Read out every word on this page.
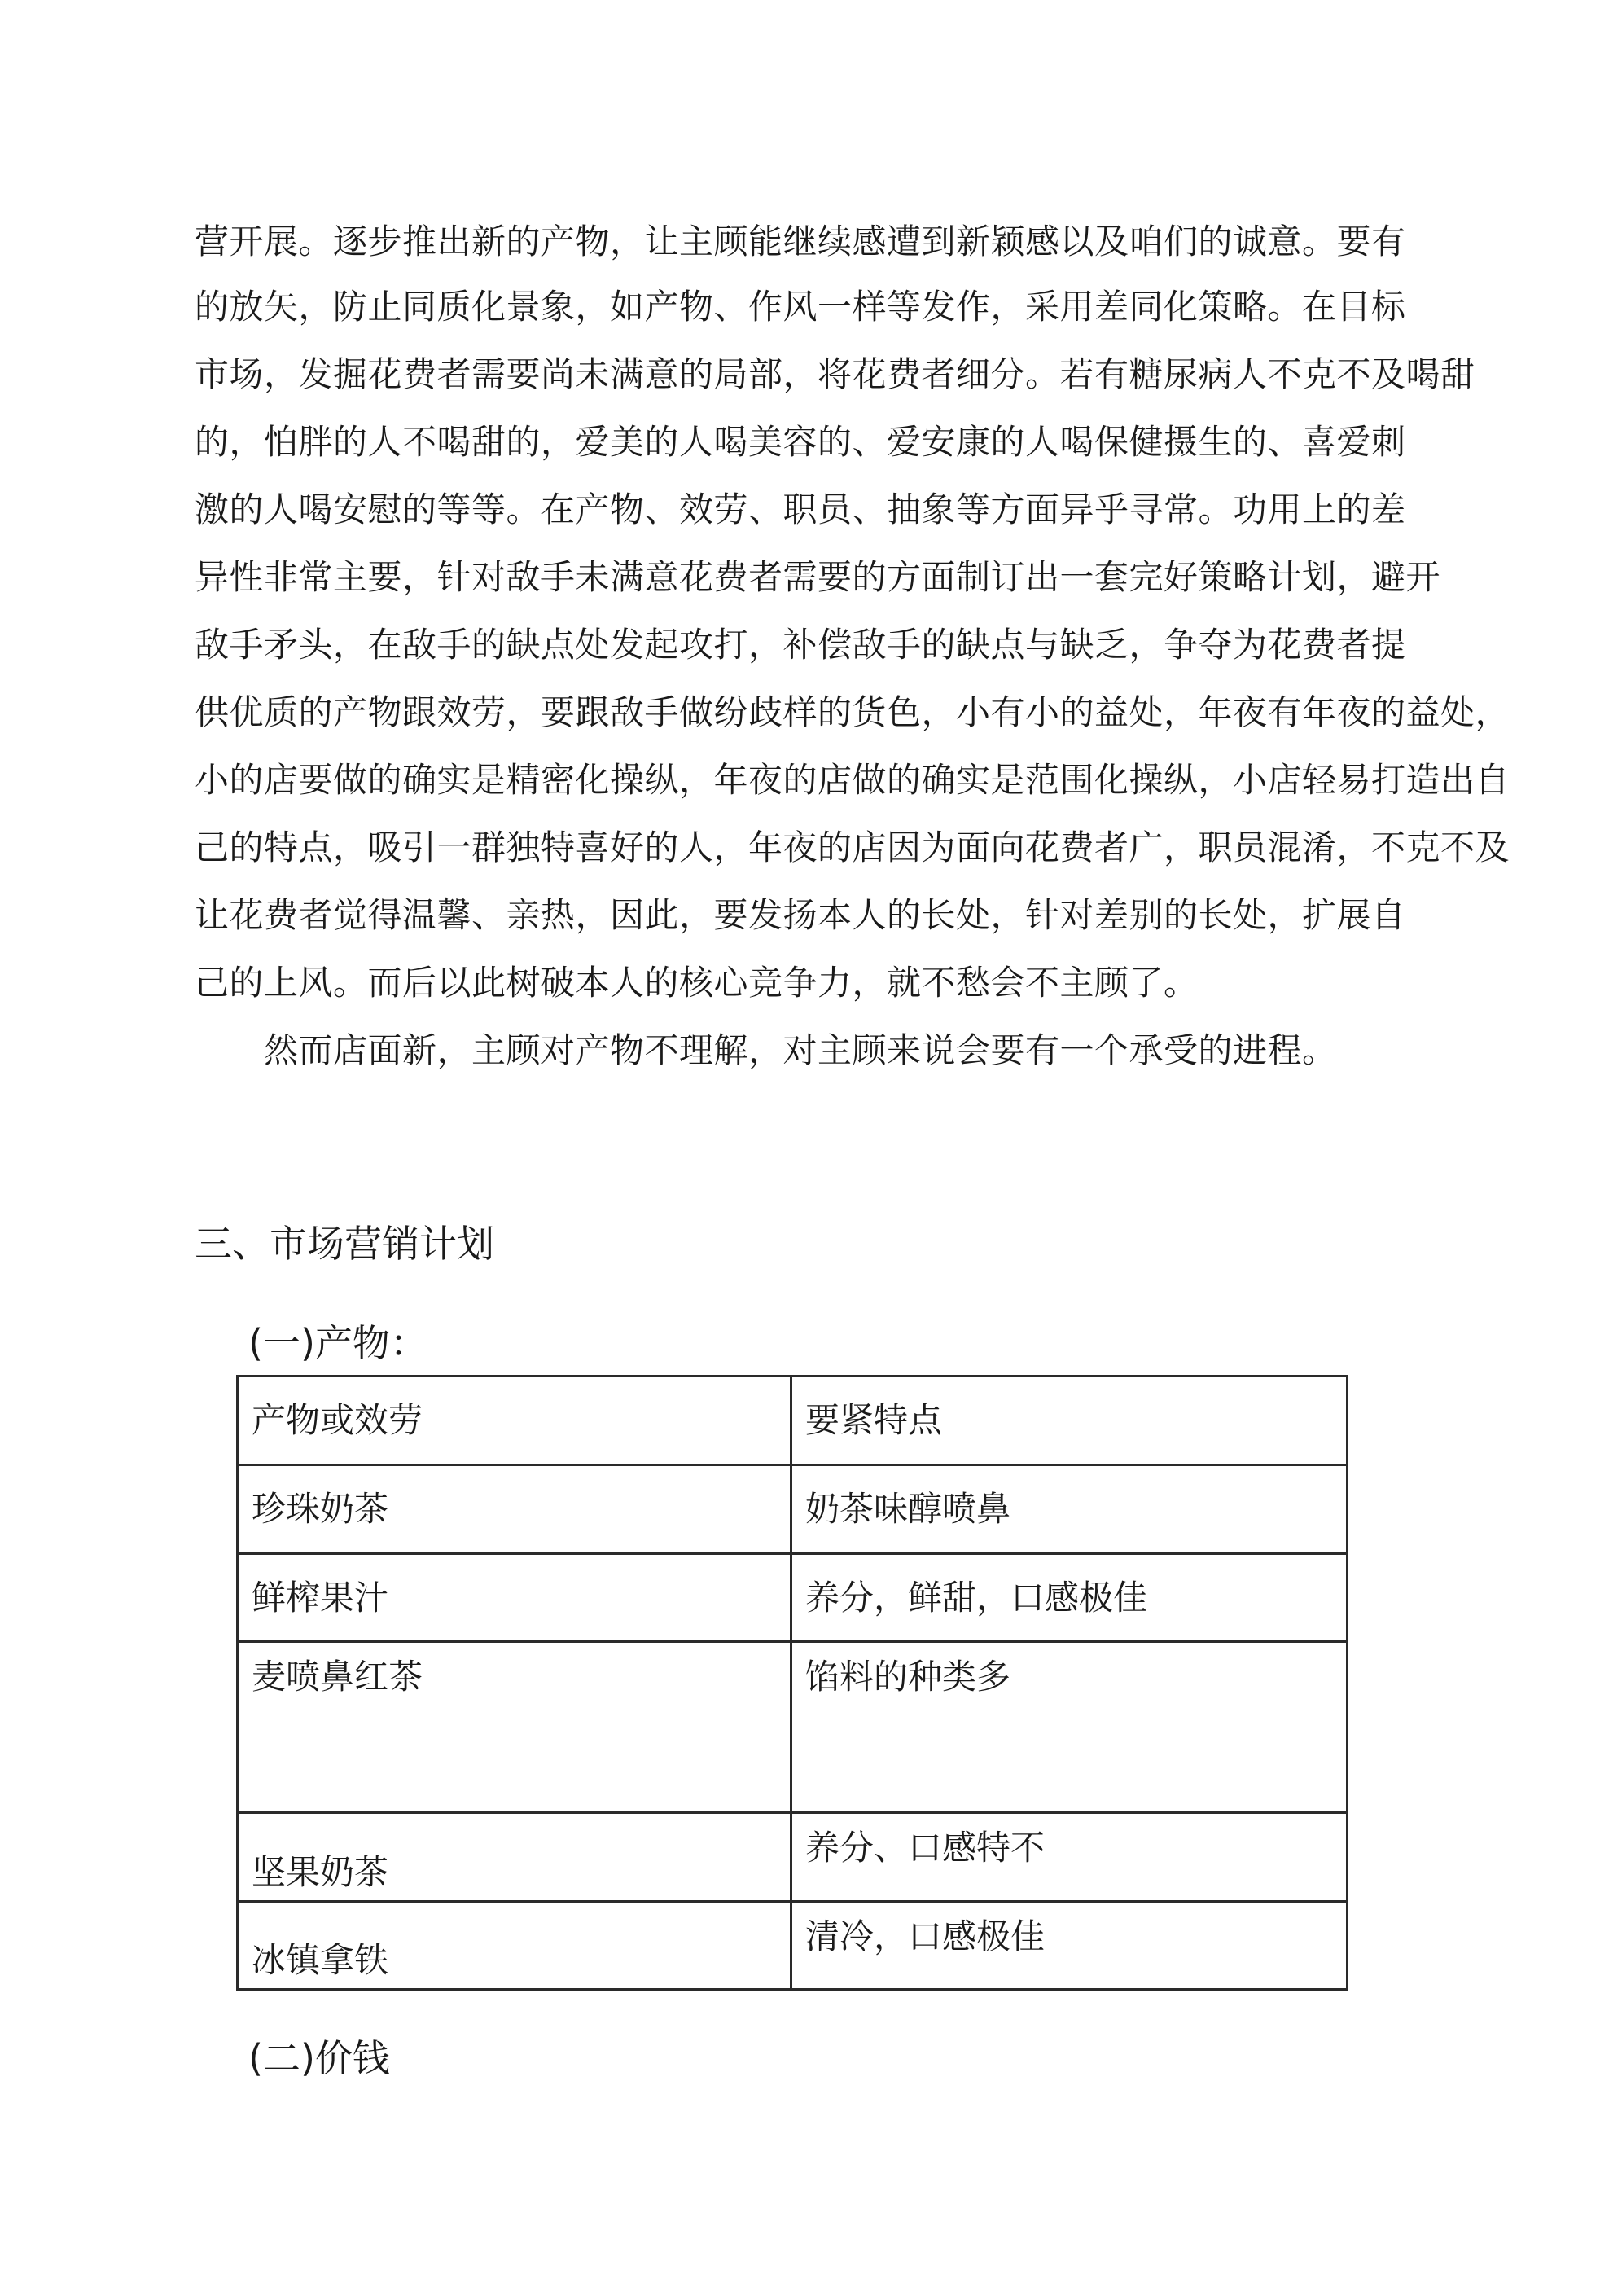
营开展。逐步推出新的产物，让主顾能继续感遭到新颖感以及咱们的诚意。要有
的放矢，防止同质化景象，如产物、作风一样等发作，采用差同化策略。在目标
市场，发掘花费者需要尚未满意的局部，将花费者细分。若有糖尿病人不克不及喝甜
的，怕胖的人不喝甜的，爱美的人喝美容的、爱安康的人喝保健摄生的、喜爱刺
激的人喝安慰的等等。在产物、效劳、职员、抽象等方面异乎寻常。功用上的差
异性非常主要，针对敌手未满意花费者需要的方面制订出一套完好策略计划，避开
敌手矛头，在敌手的缺点处发起攻打，补偿敌手的缺点与缺乏，争夺为花费者提
供优质的产物跟效劳，要跟敌手做纷歧样的货色，小有小的益处，年夜有年夜的益处，
小的店要做的确实是精密化操纵，年夜的店做的确实是范围化操纵，小店轻易打造出自
己的特点，吸引一群独特喜好的人，年夜的店因为面向花费者广，职员混淆，不克不及
让花费者觉得温馨、亲热，因此，要发扬本人的长处，针对差别的长处，扩展自
己的上风。而后以此树破本人的核心竞争力，就不愁会不主顾了。
　　然而店面新，主顾对产物不理解，对主顾来说会要有一个承受的进程。
三、市场营销计划
(一)产物：
产物或效劳	要紧特点
珍珠奶茶	奶茶味醇喷鼻
鲜榨果汁	养分，鲜甜，口感极佳
麦喷鼻红茶	馅料的种类多
坚果奶茶	养分、口感特不
冰镇拿铁	清冷，口感极佳
(二)价钱
